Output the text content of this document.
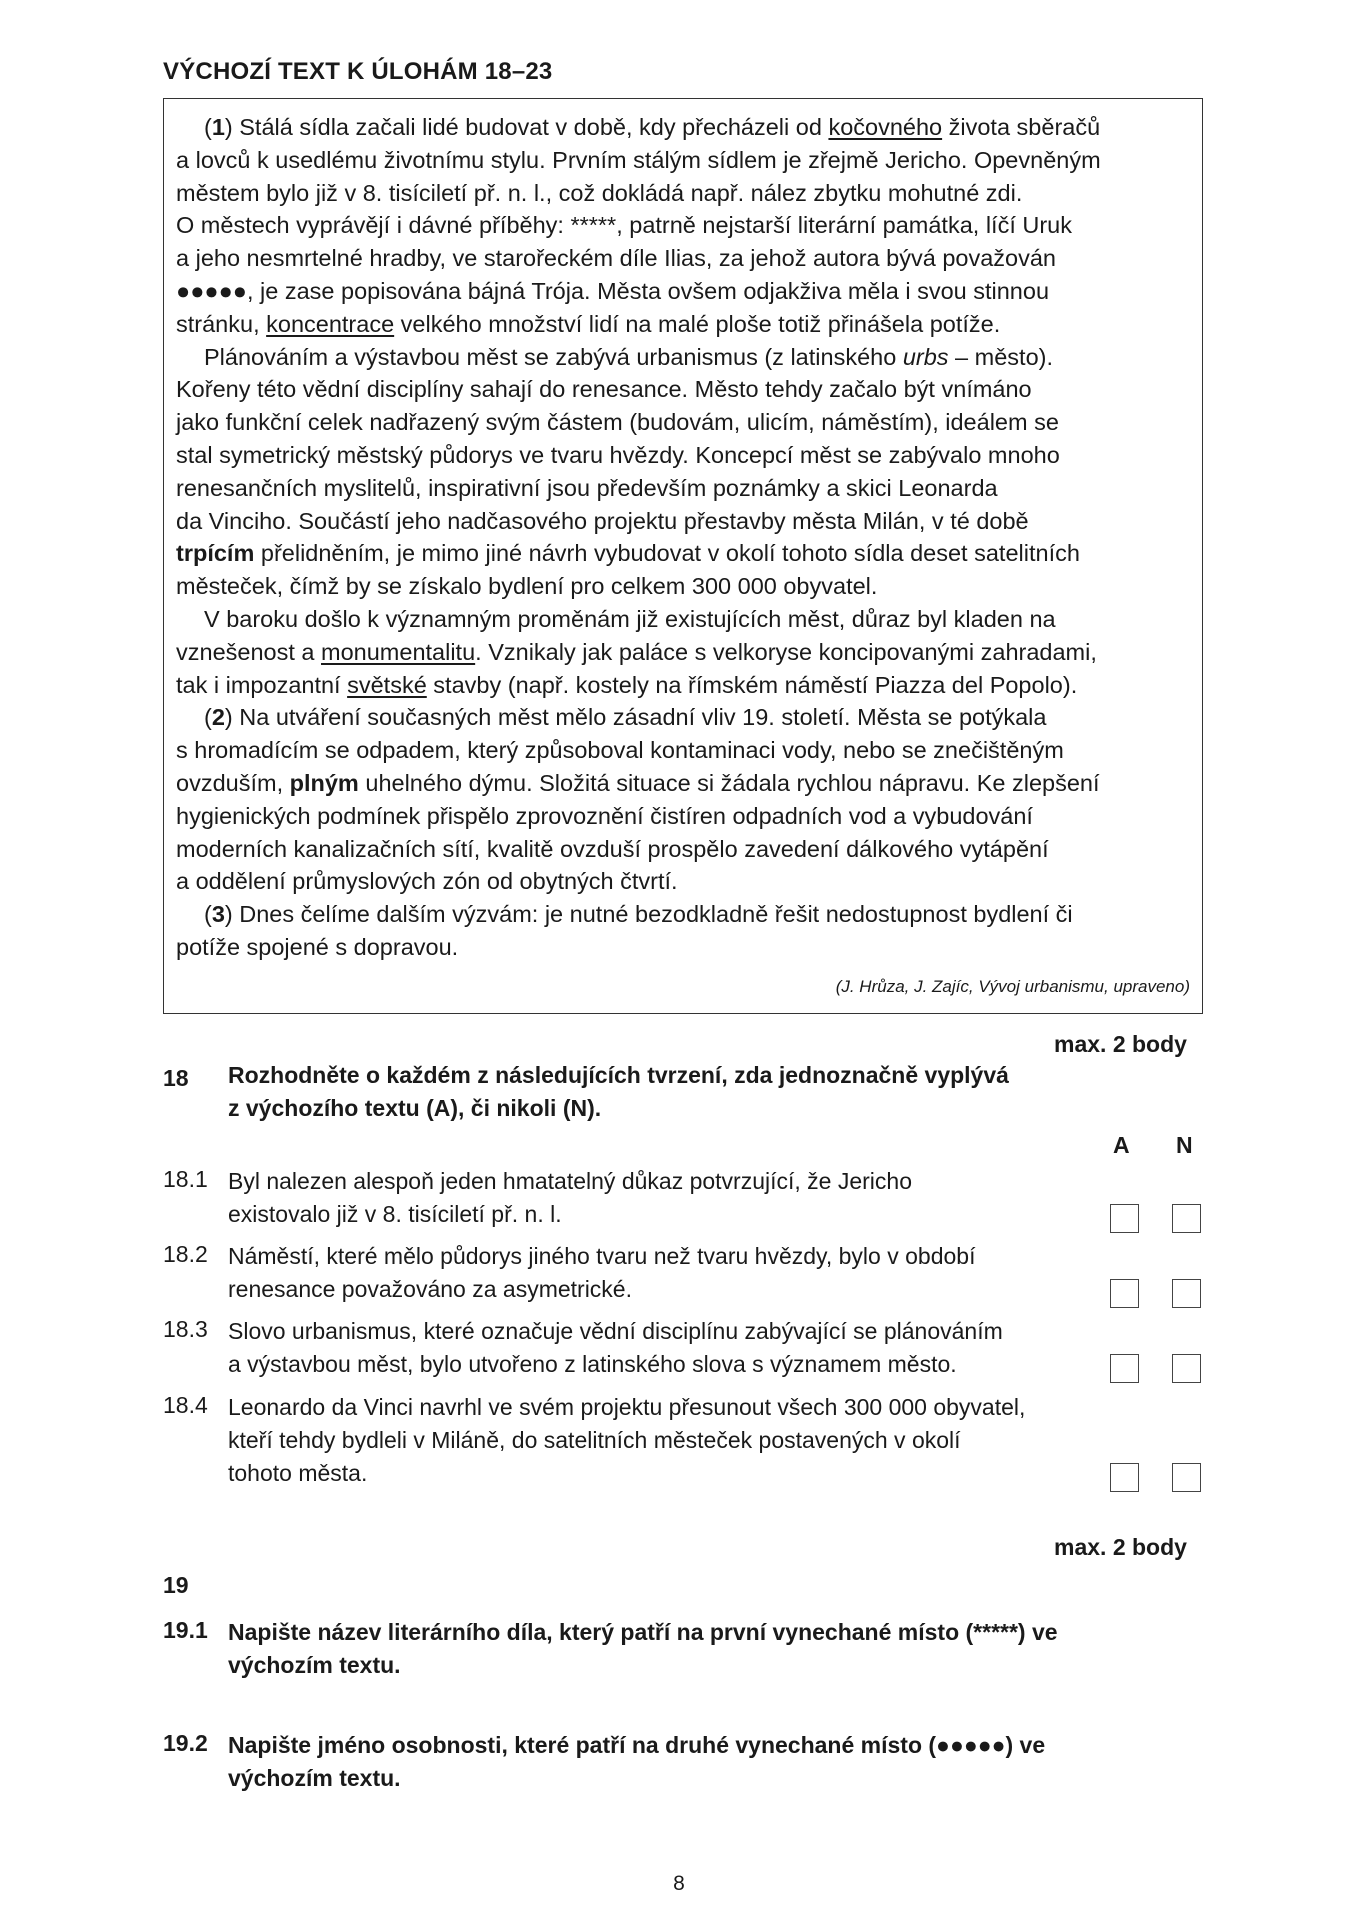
VÝCHOZÍ TEXT K ÚLOHÁM 18–23
(1) Stálá sídla začali lidé budovat v době, kdy přecházeli od kočovného života sběračů
a lovců k usedlému životnímu stylu. Prvním stálým sídlem je zřejmě Jericho. Opevněným
městem bylo již v 8. tisíciletí př. n. l., což dokládá např. nález zbytku mohutné zdi.
O městech vyprávějí i dávné příběhy: *****, patrně nejstarší literární památka, líčí Uruk
a jeho nesmrtelné hradby, ve starořeckém díle Ilias, za jehož autora bývá považován
●●●●●, je zase popisována bájná Trója. Města ovšem odjakživa měla i svou stinnou
stránku, koncentrace velkého množství lidí na malé ploše totiž přinášela potíže.
Plánováním a výstavbou měst se zabývá urbanismus (z latinského urbs – město).
Kořeny této vědní disciplíny sahají do renesance. Město tehdy začalo být vnímáno
jako funkční celek nadřazený svým částem (budovám, ulicím, náměstím), ideálem se
stal symetrický městský půdorys ve tvaru hvězdy. Koncepcí měst se zabývalo mnoho
renesančních myslitelů, inspirativní jsou především poznámky a skici Leonarda
da Vinciho. Součástí jeho nadčasového projektu přestavby města Milán, v té době
trpícím přelidněním, je mimo jiné návrh vybudovat v okolí tohoto sídla deset satelitních
městeček, čímž by se získalo bydlení pro celkem 300 000 obyvatel.
V baroku došlo k významným proměnám již existujících měst, důraz byl kladen na
vznešenost a monumentalitu. Vznikaly jak paláce s velkoryse koncipovanými zahradami,
tak i impozantní světské stavby (např. kostely na římském náměstí Piazza del Popolo).
(2) Na utváření současných měst mělo zásadní vliv 19. století. Města se potýkala
s hromadícím se odpadem, který způsoboval kontaminaci vody, nebo se znečištěným
ovzduším, plným uhelného dýmu. Složitá situace si žádala rychlou nápravu. Ke zlepšení
hygienických podmínek přispělo zprovoznění čistíren odpadních vod a vybudování
moderních kanalizačních sítí, kvalitě ovzduší prospělo zavedení dálkového vytápění
a oddělení průmyslových zón od obytných čtvrtí.
(3) Dnes čelíme dalším výzvám: je nutné bezodkladně řešit nedostupnost bydlení či
potíže spojené s dopravou.
(J. Hrůza, J. Zajíc, Vývoj urbanismu, upraveno)
max. 2 body
18 Rozhodněte o každém z následujících tvrzení, zda jednoznačně vyplývá
z výchozího textu (A), či nikoli (N).
A N
18.1 Byl nalezen alespoň jeden hmatatelný důkaz potvrzující, že Jericho
existovalo již v 8. tisíciletí př. n. l.
18.2 Náměstí, které mělo půdorys jiného tvaru než tvaru hvězdy, bylo v období
renesance považováno za asymetrické.
18.3 Slovo urbanismus, které označuje vědní disciplínu zabývající se plánováním
a výstavbou měst, bylo utvořeno z latinského slova s významem město.
18.4 Leonardo da Vinci navrhl ve svém projektu přesunout všech 300 000 obyvatel,
kteří tehdy bydleli v Miláně, do satelitních městeček postavených v okolí
tohoto města.
max. 2 body
19
19.1 Napište název literárního díla, který patří na první vynechané místo (*****) ve
výchozím textu.
19.2 Napište jméno osobnosti, které patří na druhé vynechané místo (●●●●●) ve
výchozím textu.
8
